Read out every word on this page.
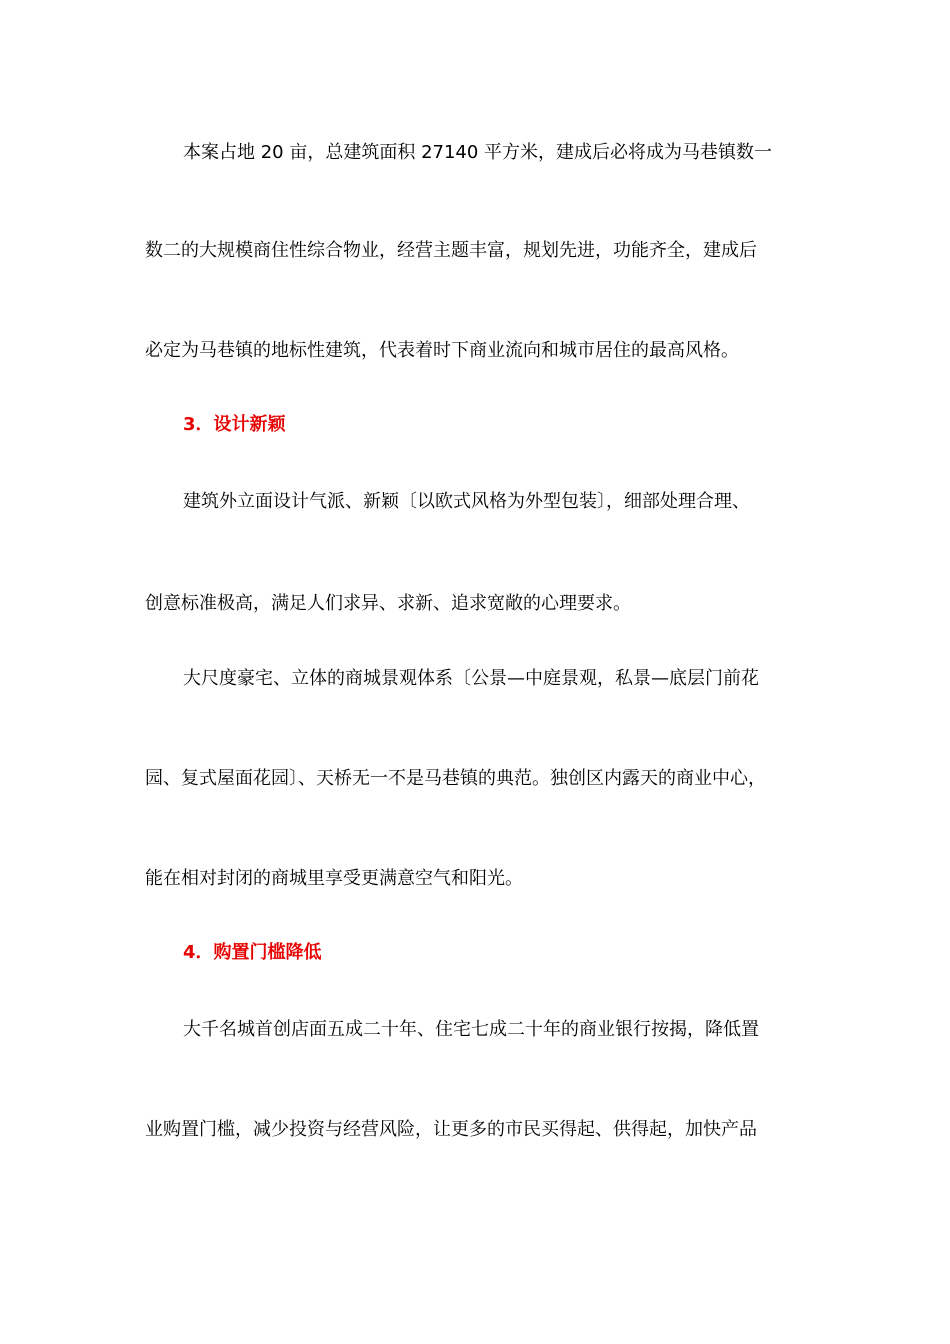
本案占地 20 亩，总建筑面积 27140 平方米，建成后必将成为马巷镇数一
数二的大规模商住性综合物业，经营主题丰富，规划先进，功能齐全，建成后
必定为马巷镇的地标性建筑，代表着时下商业流向和城市居住的最高风格。
3．设计新颖
建筑外立面设计气派、新颖〔以欧式风格为外型包装〕，细部处理合理、
创意标准极高，满足人们求异、求新、追求宽敞的心理要求。
大尺度豪宅、立体的商城景观体系〔公景—中庭景观，私景—底层门前花
园、复式屋面花园〕、天桥无一不是马巷镇的典范。独创区内露天的商业中心，
能在相对封闭的商城里享受更满意空气和阳光。
4．购置门槛降低
大千名城首创店面五成二十年、住宅七成二十年的商业银行按揭，降低置
业购置门槛，减少投资与经营风险，让更多的市民买得起、供得起，加快产品
